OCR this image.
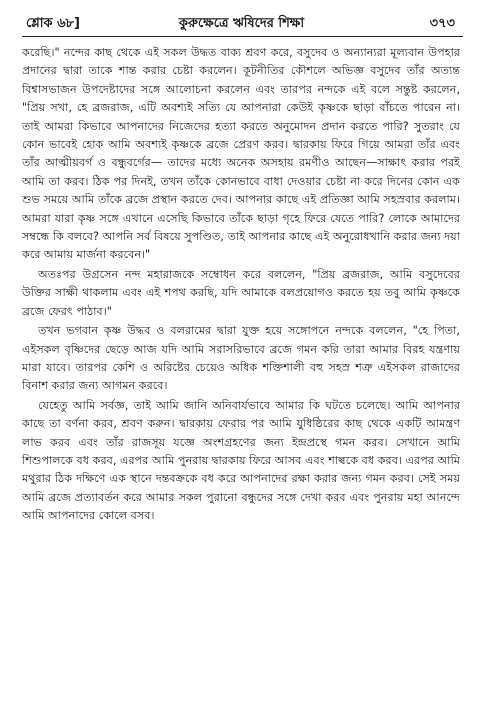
শ্লোক ৬৮]	কুরুক্ষেত্রে ঋষিদের শিক্ষা	৩৭৩

করেছি।" নন্দের কাছ থেকে এই সকল উদ্ধত বাক্য শ্রবণ করে, বসুদেব ও অন্যান্যরা মূল্যবান উপহার প্রদানের দ্বারা তাকে শান্ত করার চেষ্টা করলেন। কূটনীতির কৌশলে অভিজ্ঞ বসুদেব তাঁর অত্যন্ত বিশ্বাসভাজন উপদেষ্টাদের সঙ্গে আলোচনা করলেন এবং তারপর নন্দকে এই বলে সন্তুষ্ট করলেন, "প্রিয় সখা, হে ব্রজরাজ, এটি অবশ্যই সত্যি যে আপনারা কেউই কৃষ্ণকে ছাড়া বাঁচতে পারেন না। তাই আমরা কিভাবে আপনাদের নিজেদের হত্যা করতে অনুমোদন প্রদান করতে পারি? সুতরাং যে কোন ভাবেই হোক আমি অবশ্যই কৃষ্ণকে ব্রজে প্রেরণ করব। দ্বারকায় ফিরে গিয়ে আমরা তাঁর এবং তাঁর আত্মীয়বর্গ ও বন্ধুবর্গের— তাদের মধ্যে অনেক অসহায় রমণীও আছেন—সাক্ষাৎ করার পরই আমি তা করব। ঠিক পর দিনই, তখন তাঁকে কোনভাবে বাধা দেওয়ার চেষ্টা না করে দিনের কোন এক শুভ সময়ে আমি তাঁকে ব্রজে প্রস্থান করতে দেব। আপনার কাছে এই প্রতিজ্ঞা আমি সহস্রবার করলাম। আমরা যারা কৃষ্ণ সঙ্গে এখানে এসেছি কিভাবে তাঁকে ছাড়া গৃহে ফিরে যেতে পারি? লোকে আমাদের সম্বন্ধে কি বলবে? আপনি সর্ব বিষয়ে সুপণ্ডিত, তাই আপনার কাছে এই অনুরোধখানি করার জন্য দয়া করে আমায় মার্জনা করবেন।"

অতঃপর উগ্রসেন নন্দ মহারাজকে সম্বোধন করে বললেন, "প্রিয় ব্রজরাজ, আমি বসুদেবের উক্তির সাক্ষী থাকলাম এবং এই শপথ করছি, যদি আমাকে বলপ্রয়োগও করতে হয় তবু আমি কৃষ্ণকে ব্রজে ফেরৎ পাঠাব।"

তখন ভগবান কৃষ্ণ উদ্ধব ও বলরামের দ্বারা যুক্ত হয়ে সঙ্গোপনে নন্দকে বললেন, "হে পিতা, এইসকল বৃষ্ণিদের ছেড়ে আজ যদি আমি সরাসরিভাবে ব্রজে গমন করি তারা আমার বিরহ যন্ত্রণায় মারা যাবে। তারপর কেশি ও অরিষ্টের চেয়েও অধিক শক্তিশালী বহু সহস্র শত্রু এইসকল রাজাদের বিনাশ করার জন্য আগমন করবে।

যেহেতু আমি সর্বজ্ঞ, তাই আমি জানি অনিবার্যভাবে আমার কি ঘটতে চলেছে। আমি আপনার কাছে তা বর্ণনা করব, শ্রবণ করুন। দ্বারকায় ফেরার পর আমি যুধিষ্ঠিরের কাছ থেকে একটি আমন্ত্রণ লাভ করব এবং তাঁর রাজসূয় যজ্ঞে অংশগ্রহণের জন্য ইন্দ্রপ্রস্থে গমন করব। সেখানে আমি শিশুপালকে বধ করব, এরপর আমি পুনরায় দ্বারকায় ফিরে আসব এবং শাল্বকে বধ করব। এরপর আমি মথুরার ঠিক দক্ষিণে এক স্থানে দন্তবক্রকে বধ করে আপনাদের রক্ষা করার জন্য গমন করব। সেই সময় আমি ব্রজে প্রত্যাবর্তন করে আমার সকল পুরানো বন্ধুদের সঙ্গে দেখা করব এবং পুনরায় মহা আনন্দে আমি আপনাদের কোলে বসব।
